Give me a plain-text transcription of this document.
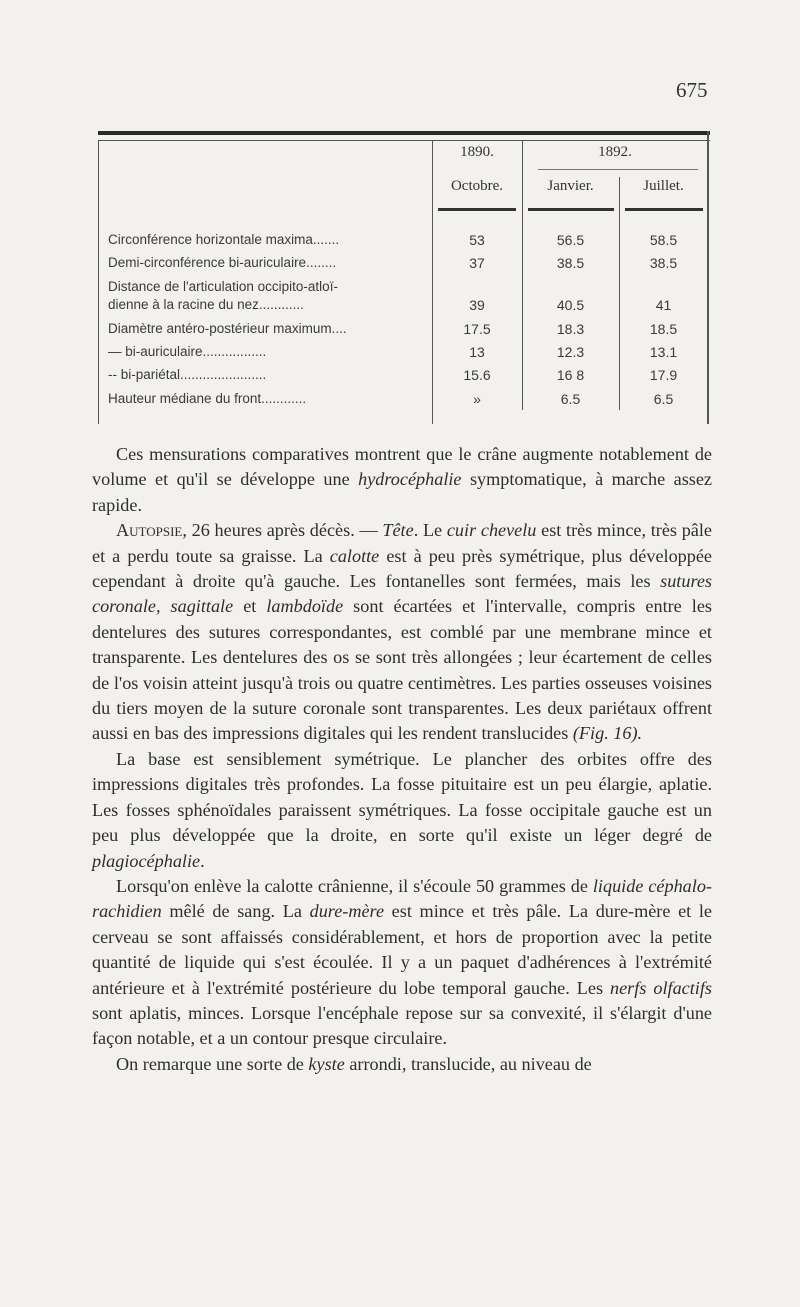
675
1890.	1892.
Octobre.	Janvier.	Juillet.
Circonférence horizontale maxima.......	53	56.5	58.5
Demi-circonférence bi-auriculaire........	37	38.5	38.5
Distance de l'articulation occipito-atloï-
dienne à la racine du nez............	39	40.5	41
Diamètre antéro-postérieur maximum....	17.5	18.3	18.5
— bi-auriculaire.................	13	12.3	13.1
-- bi-pariétal.......................	15.6	16 8	17.9
Hauteur médiane du front............	»	6.5	6.5

Ces mensurations comparatives montrent que le crâne augmente notablement de volume et qu'il se développe une hydrocéphalie symptomatique, à marche assez rapide.

Autopsie, 26 heures après décès. — Tête. Le cuir chevelu est très mince, très pâle et a perdu toute sa graisse. La calotte est à peu près symétrique, plus développée cependant à droite qu'à gauche. Les fontanelles sont fermées, mais les sutures coronale, sagittale et lambdoïde sont écartées et l'intervalle, compris entre les dentelures des sutures correspondantes, est comblé par une membrane mince et transparente. Les dentelures des os se sont très allongées ; leur écartement de celles de l'os voisin atteint jusqu'à trois ou quatre centimètres. Les parties osseuses voisines du tiers moyen de la suture coronale sont transparentes. Les deux pariétaux offrent aussi en bas des impressions digitales qui les rendent translucides (Fig. 16).

La base est sensiblement symétrique. Le plancher des orbites offre des impressions digitales très profondes. La fosse pituitaire est un peu élargie, aplatie. Les fosses sphénoïdales paraissent symétriques. La fosse occipitale gauche est un peu plus développée que la droite, en sorte qu'il existe un léger degré de plagiocéphalie.

Lorsqu'on enlève la calotte crânienne, il s'écoule 50 grammes de liquide céphalo-rachidien mêlé de sang. La dure-mère est mince et très pâle. La dure-mère et le cerveau se sont affaissés considérablement, et hors de proportion avec la petite quantité de liquide qui s'est écoulée. Il y a un paquet d'adhérences à l'extrémité antérieure et à l'extrémité postérieure du lobe temporal gauche. Les nerfs olfactifs sont aplatis, minces. Lorsque l'encéphale repose sur sa convexité, il s'élargit d'une façon notable, et a un contour presque circulaire.

On remarque une sorte de kyste arrondi, translucide, au niveau de
